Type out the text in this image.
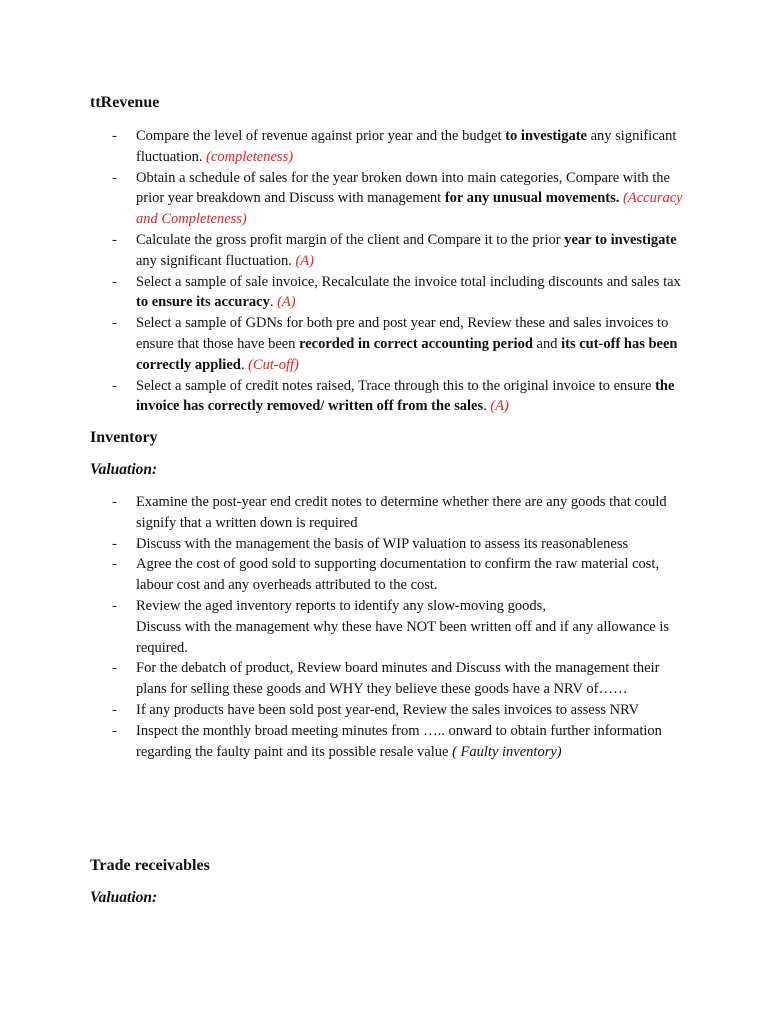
ttRevenue
- Compare the level of revenue against prior year and the budget to investigate any significant fluctuation. (completeness)
- Obtain a schedule of sales for the year broken down into main categories, Compare with the prior year breakdown and Discuss with management for any unusual movements. (Accuracy and Completeness)
- Calculate the gross profit margin of the client and Compare it to the prior year to investigate any significant fluctuation. (A)
- Select a sample of sale invoice, Recalculate the invoice total including discounts and sales tax to ensure its accuracy. (A)
- Select a sample of GDNs for both pre and post year end, Review these and sales invoices to ensure that those have been recorded in correct accounting period and its cut-off has been correctly applied. (Cut-off)
- Select a sample of credit notes raised, Trace through this to the original invoice to ensure the invoice has correctly removed/ written off from the sales. (A)
Inventory
Valuation:
- Examine the post-year end credit notes to determine whether there are any goods that could signify that a written down is required
- Discuss with the management the basis of WIP valuation to assess its reasonableness
- Agree the cost of good sold to supporting documentation to confirm the raw material cost, labour cost and any overheads attributed to the cost.
- Review the aged inventory reports to identify any slow-moving goods,
Discuss with the management why these have NOT been written off and if any allowance is required.
- For the debatch of product, Review board minutes and Discuss with the management their plans for selling these goods and WHY they believe these goods have a NRV of……
- If any products have been sold post year-end, Review the sales invoices to assess NRV
- Inspect the monthly broad meeting minutes from ….. onward to obtain further information regarding the faulty paint and its possible resale value ( Faulty inventory)
Trade receivables
Valuation:
